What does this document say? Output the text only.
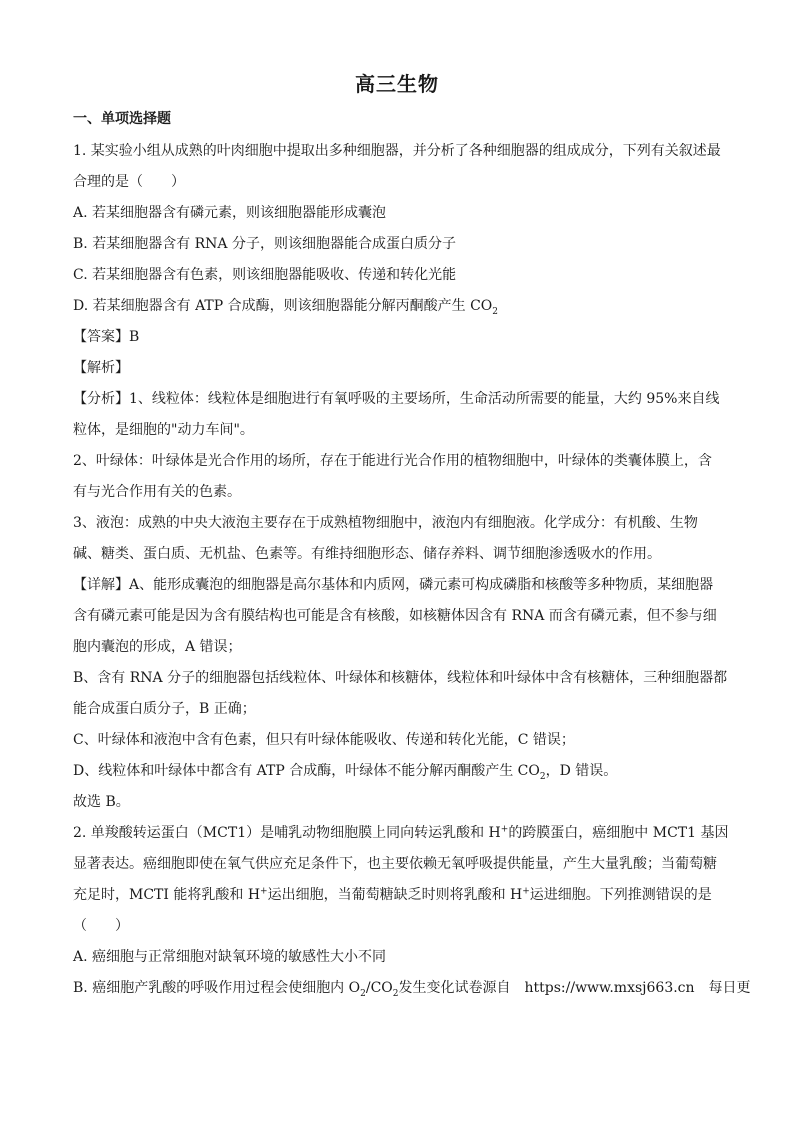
高三生物
一、单项选择题
1. 某实验小组从成熟的叶肉细胞中提取出多种细胞器，并分析了各种细胞器的组成成分，下列有关叙述最
合理的是（　　）
A. 若某细胞器含有磷元素，则该细胞器能形成囊泡
B. 若某细胞器含有 RNA 分子，则该细胞器能合成蛋白质分子
C. 若某细胞器含有色素，则该细胞器能吸收、传递和转化光能
D. 若某细胞器含有 ATP 合成酶，则该细胞器能分解丙酮酸产生 $CO_2$
【答案】B
【解析】
【分析】1、线粒体：线粒体是细胞进行有氧呼吸的主要场所，生命活动所需要的能量，大约 95%来自线
粒体，是细胞的"动力车间"。
2、叶绿体：叶绿体是光合作用的场所，存在于能进行光合作用的植物细胞中，叶绿体的类囊体膜上，含
有与光合作用有关的色素。
3、液泡：成熟的中央大液泡主要存在于成熟植物细胞中，液泡内有细胞液。化学成分：有机酸、生物
碱、糖类、蛋白质、无机盐、色素等。有维持细胞形态、储存养料、调节细胞渗透吸水的作用。
【详解】A、能形成囊泡的细胞器是高尔基体和内质网，磷元素可构成磷脂和核酸等多种物质，某细胞器
含有磷元素可能是因为含有膜结构也可能是含有核酸，如核糖体因含有 RNA 而含有磷元素，但不参与细
胞内囊泡的形成，A 错误；
B、含有 RNA 分子的细胞器包括线粒体、叶绿体和核糖体，线粒体和叶绿体中含有核糖体，三种细胞器都
能合成蛋白质分子，B 正确；
C、叶绿体和液泡中含有色素，但只有叶绿体能吸收、传递和转化光能，C 错误；
D、线粒体和叶绿体中都含有 ATP 合成酶，叶绿体不能分解丙酮酸产生 $CO_2$，D 错误。
故选 B。
2. 单羧酸转运蛋白（MCT1）是哺乳动物细胞膜上同向转运乳酸和 H+的跨膜蛋白，癌细胞中 MCT1 基因
显著表达。癌细胞即使在氧气供应充足条件下，也主要依赖无氧呼吸提供能量，产生大量乳酸；当葡萄糖
充足时，MCTI 能将乳酸和 H+运出细胞，当葡萄糖缺乏时则将乳酸和 H+运进细胞。下列推测错误的是
（　　）
A. 癌细胞与正常细胞对缺氧环境的敏感性大小不同
B. 癌细胞产乳酸的呼吸作用过程会使细胞内 $O_2/CO_2$发生变化试卷源自　https://www.mxsj663.cn　每日更
